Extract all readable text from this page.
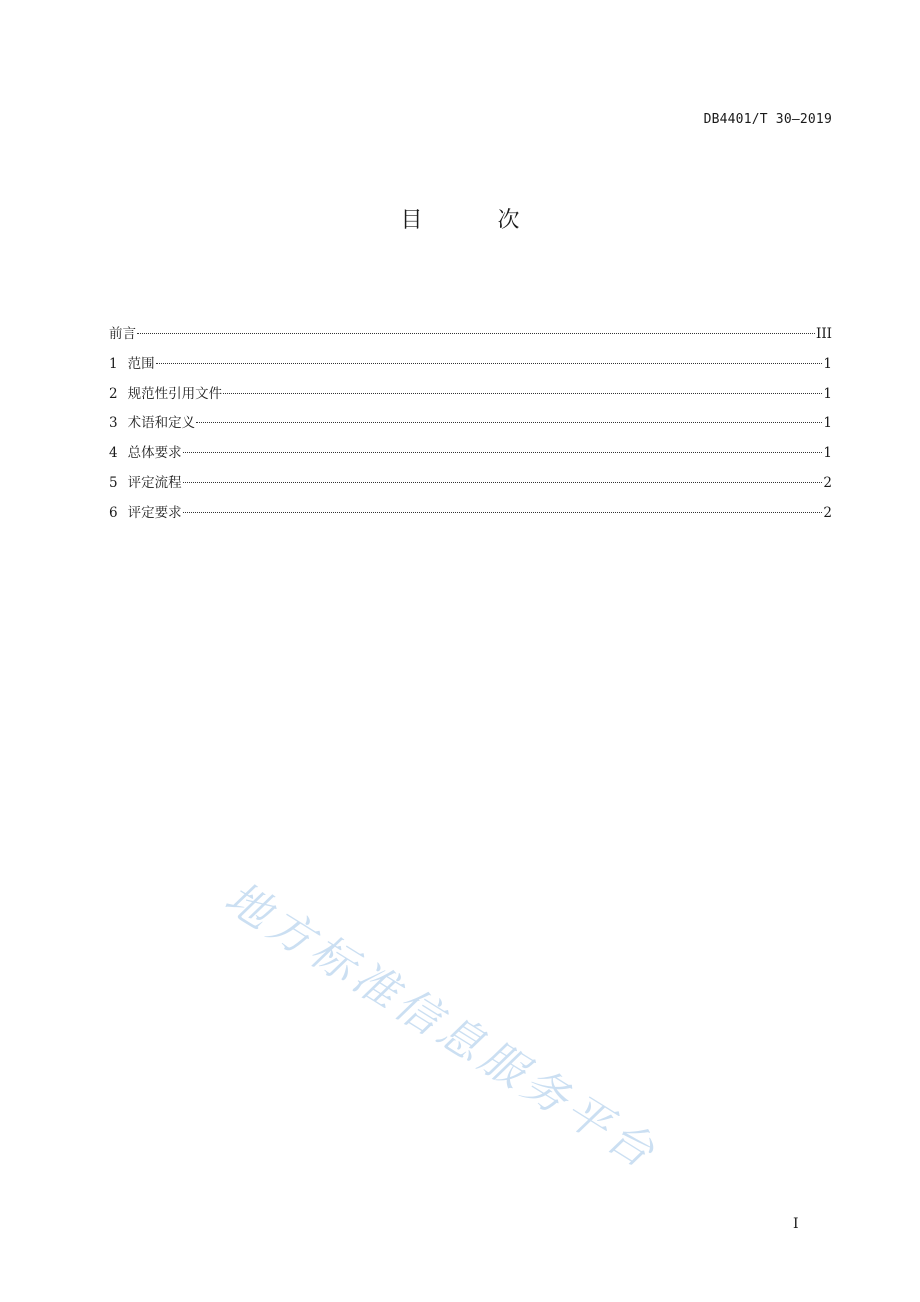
DB4401/T 30—2019
目 次
前言	III
1 范围	1
2 规范性引用文件	1
3 术语和定义	1
4 总体要求	1
5 评定流程	2
6 评定要求	2
地方标准信息服务平台
I
